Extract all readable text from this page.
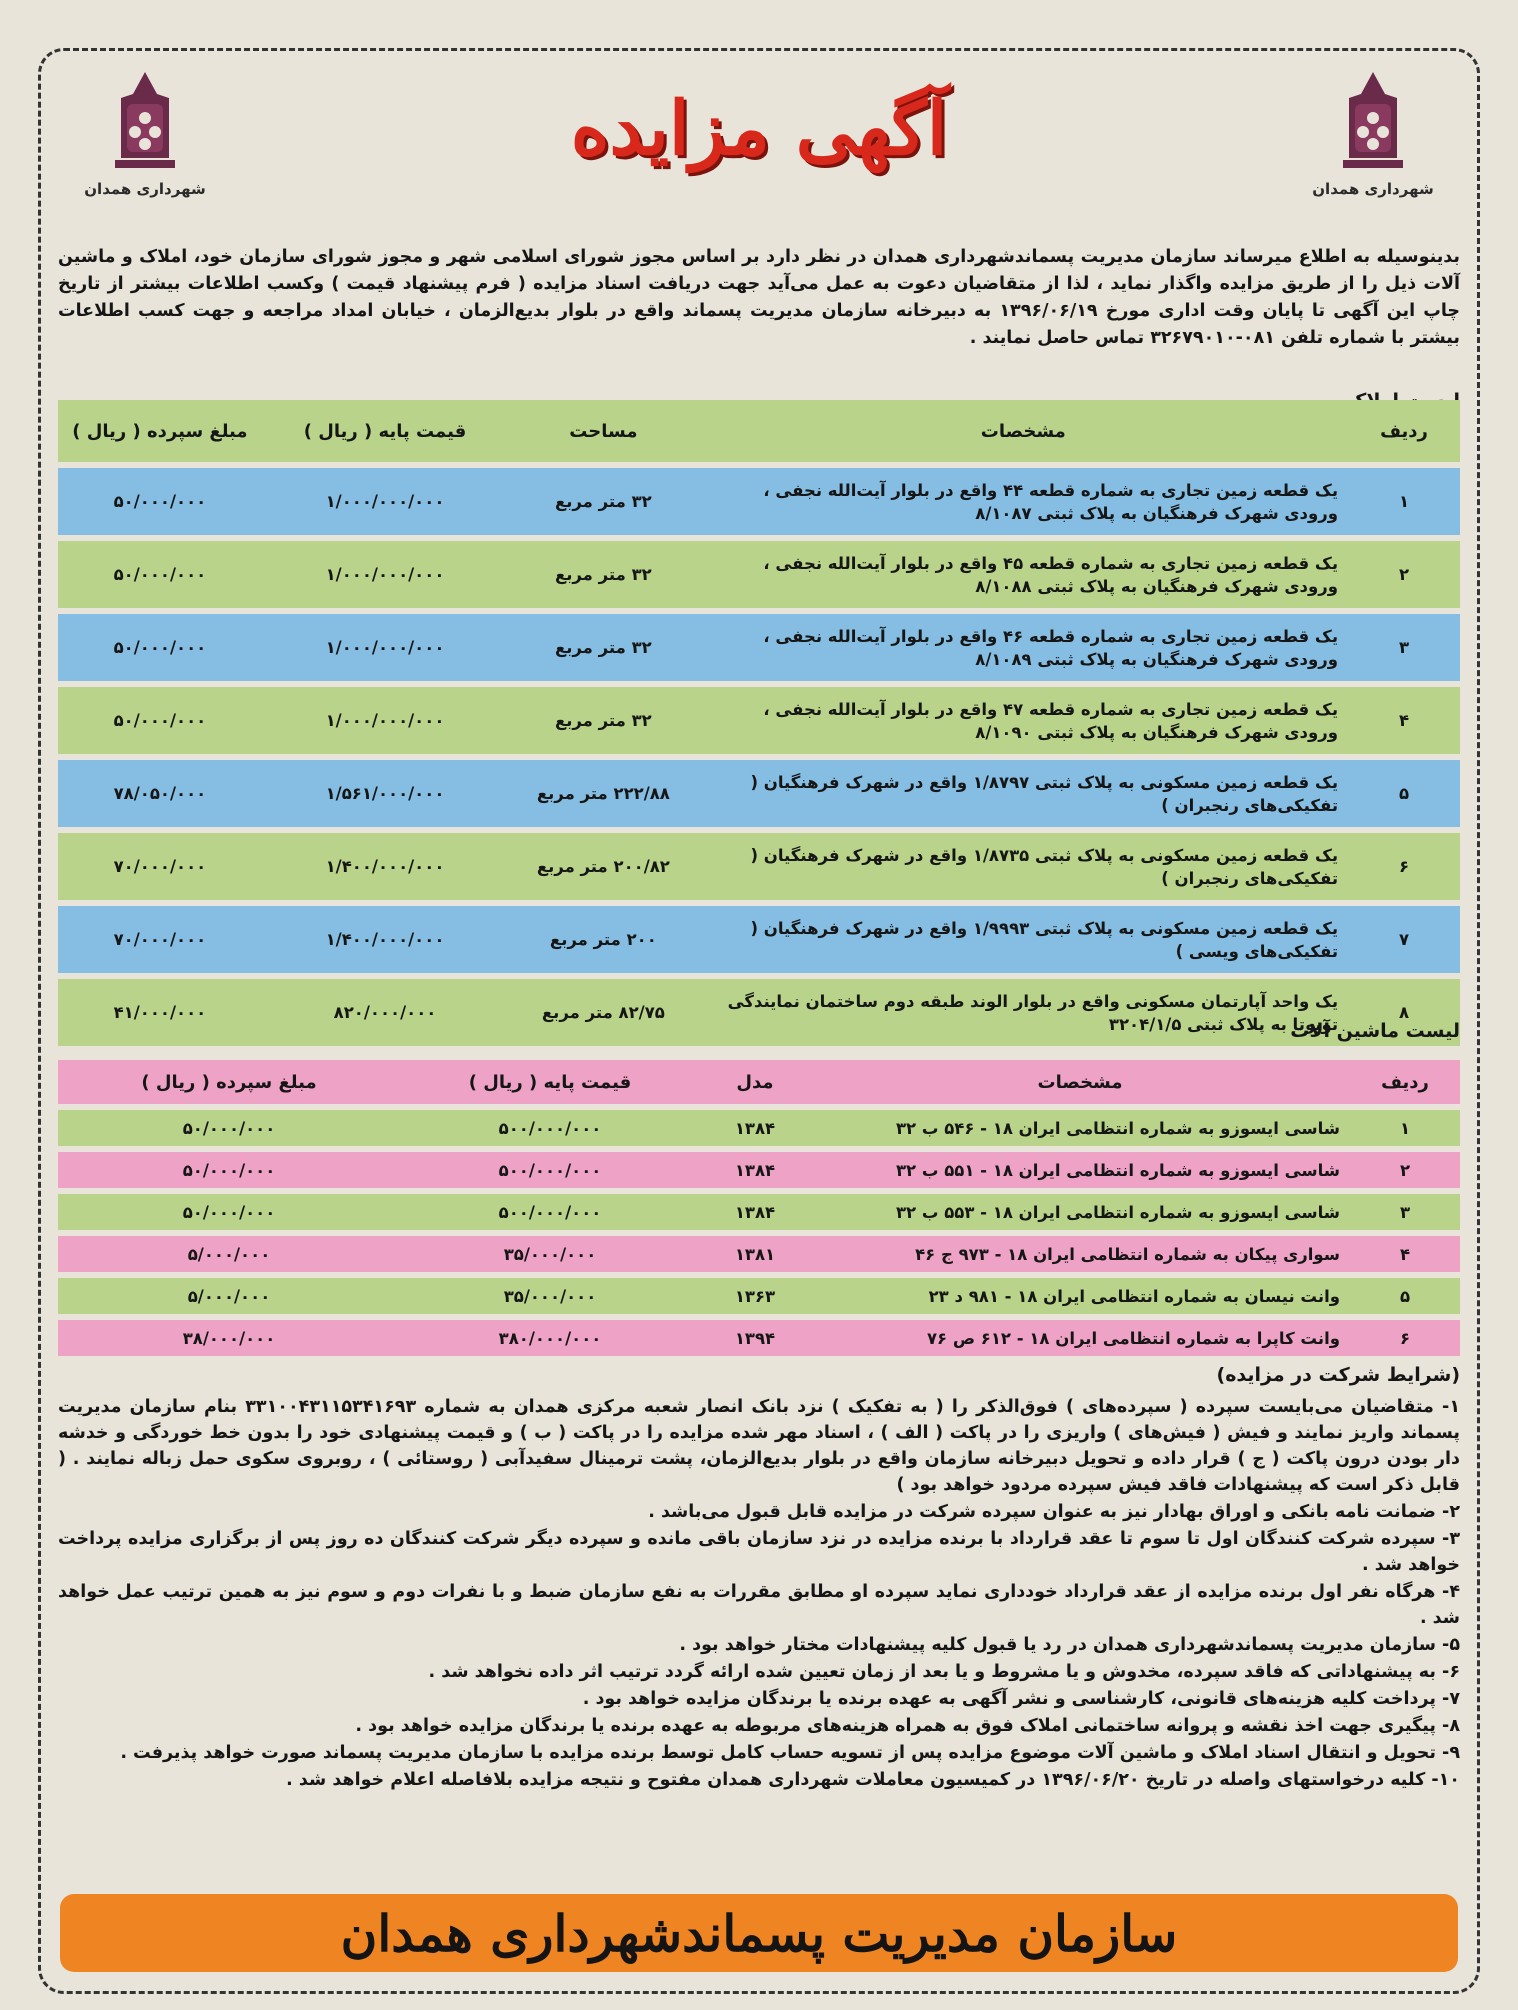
شهرداری همدان
آگهی مزایده
شهرداری همدان
بدینوسیله به اطلاع میرساند سازمان مدیریت پسماندشهرداری همدان در نظر دارد بر اساس مجوز شورای اسلامی شهر و مجوز شورای سازمان خود، املاک و ماشین آلات ذیل را از طریق مزایده واگذار نماید ، لذا از متقاضیان دعوت به عمل می‌آید جهت دریافت اسناد مزایده ( فرم پیشنهاد قیمت ) وکسب اطلاعات بیشتر از تاریخ چاپ این آگهی تا پایان وقت اداری مورخ ۱۳۹۶/۰۶/۱۹ به دبیرخانه سازمان مدیریت پسماند واقع در بلوار بدیع‌الزمان ، خیابان امداد مراجعه و جهت کسب اطلاعات بیشتر با شماره تلفن ۰۸۱-۳۲۶۷۹۰۱۰ تماس حاصل نمایند .
لیست املاک
ردیف	مشخصات	مساحت	قیمت پایه ( ریال )	مبلغ سپرده ( ریال )
۱	یک قطعه زمین تجاری به شماره قطعه ۴۴ واقع در بلوار آیت‌الله نجفی ، ورودی شهرک فرهنگیان به پلاک ثبتی ۸/۱۰۸۷	۳۲ متر مربع	۱/۰۰۰/۰۰۰/۰۰۰	۵۰/۰۰۰/۰۰۰
۲	یک قطعه زمین تجاری به شماره قطعه ۴۵ واقع در بلوار آیت‌الله نجفی ، ورودی شهرک فرهنگیان به پلاک ثبتی ۸/۱۰۸۸	۳۲ متر مربع	۱/۰۰۰/۰۰۰/۰۰۰	۵۰/۰۰۰/۰۰۰
۳	یک قطعه زمین تجاری به شماره قطعه ۴۶ واقع در بلوار آیت‌الله نجفی ، ورودی شهرک فرهنگیان به پلاک ثبتی ۸/۱۰۸۹	۳۲ متر مربع	۱/۰۰۰/۰۰۰/۰۰۰	۵۰/۰۰۰/۰۰۰
۴	یک قطعه زمین تجاری به شماره قطعه ۴۷ واقع در بلوار آیت‌الله نجفی ، ورودی شهرک فرهنگیان به پلاک ثبتی ۸/۱۰۹۰	۳۲ متر مربع	۱/۰۰۰/۰۰۰/۰۰۰	۵۰/۰۰۰/۰۰۰
۵	یک قطعه زمین مسکونی به پلاک ثبتی ۱/۸۷۹۷ واقع در شهرک فرهنگیان ( تفکیکی‌های رنجبران )	۲۲۲/۸۸ متر مربع	۱/۵۶۱/۰۰۰/۰۰۰	۷۸/۰۵۰/۰۰۰
۶	یک قطعه زمین مسکونی به پلاک ثبتی ۱/۸۷۳۵ واقع در شهرک فرهنگیان ( تفکیکی‌های رنجبران )	۲۰۰/۸۲ متر مربع	۱/۴۰۰/۰۰۰/۰۰۰	۷۰/۰۰۰/۰۰۰
۷	یک قطعه زمین مسکونی به پلاک ثبتی ۱/۹۹۹۳ واقع در شهرک فرهنگیان ( تفکیکی‌های ویسی )	۲۰۰ متر مربع	۱/۴۰۰/۰۰۰/۰۰۰	۷۰/۰۰۰/۰۰۰
۸	یک واحد آپارتمان مسکونی واقع در بلوار الوند طبقه دوم ساختمان نمایندگی تویوتا به پلاک ثبتی ۳۲۰۴/۱/۵	۸۲/۷۵ متر مربع	۸۲۰/۰۰۰/۰۰۰	۴۱/۰۰۰/۰۰۰
لیست ماشین آلات
ردیف	مشخصات	مدل	قیمت پایه ( ریال )	مبلغ سپرده ( ریال )
۱	شاسی ایسوزو به شماره انتظامی ایران ۱۸ - ۵۴۶ ب ۳۲	۱۳۸۴	۵۰۰/۰۰۰/۰۰۰	۵۰/۰۰۰/۰۰۰
۲	شاسی ایسوزو به شماره انتظامی ایران ۱۸ - ۵۵۱ ب ۳۲	۱۳۸۴	۵۰۰/۰۰۰/۰۰۰	۵۰/۰۰۰/۰۰۰
۳	شاسی ایسوزو به شماره انتظامی ایران ۱۸ - ۵۵۳ ب ۳۲	۱۳۸۴	۵۰۰/۰۰۰/۰۰۰	۵۰/۰۰۰/۰۰۰
۴	سواری پیکان به شماره انتظامی ایران ۱۸ - ۹۷۳ ج ۴۶	۱۳۸۱	۳۵/۰۰۰/۰۰۰	۵/۰۰۰/۰۰۰
۵	وانت نیسان به شماره انتظامی ایران ۱۸ - ۹۸۱ د ۲۳	۱۳۶۳	۳۵/۰۰۰/۰۰۰	۵/۰۰۰/۰۰۰
۶	وانت کاپرا به شماره انتظامی ایران ۱۸ - ۶۱۲ ص ۷۶	۱۳۹۴	۳۸۰/۰۰۰/۰۰۰	۳۸/۰۰۰/۰۰۰
(شرایط شرکت در مزایده)

۱- متقاضیان می‌بایست سپرده ( سپرده‌های ) فوق‌الذکر را ( به تفکیک ) نزد بانک انصار شعبه مرکزی همدان به شماره ۳۳۱۰۰۴۳۱۱۵۳۴۱۶۹۳ بنام سازمان مدیریت پسماند واریز نمایند و فیش ( فیش‌های ) واریزی را در پاکت ( الف ) ، اسناد مهر شده مزایده را در پاکت ( ب ) و قیمت پیشنهادی خود را بدون خط خوردگی و خدشه دار بودن درون پاکت ( ج ) قرار داده و تحویل دبیرخانه سازمان واقع در بلوار بدیع‌الزمان، پشت ترمینال سفیدآبی ( روستائی ) ، روبروی سکوی حمل زباله نمایند . ( قابل ذکر است که پیشنهادات فاقد فیش سپرده مردود خواهد بود )

۲- ضمانت نامه بانکی و اوراق بهادار نیز به عنوان سپرده شرکت در مزایده قابل قبول می‌باشد .

۳- سپرده شرکت کنندگان اول تا سوم تا عقد قرارداد با برنده مزایده در نزد سازمان باقی مانده و سپرده دیگر شرکت کنندگان ده روز پس از برگزاری مزایده پرداخت خواهد شد .

۴- هرگاه نفر اول برنده مزایده از عقد قرارداد خودداری نماید سپرده او مطابق مقررات به نفع سازمان ضبط و با نفرات دوم و سوم نیز به همین ترتیب عمل خواهد شد .

۵- سازمان مدیریت پسماندشهرداری همدان در رد یا قبول کلیه پیشنهادات مختار خواهد بود .

۶- به پیشنهاداتی که فاقد سپرده، مخدوش و یا مشروط و یا بعد از زمان تعیین شده ارائه گردد ترتیب اثر داده نخواهد شد .

۷- پرداخت کلیه هزینه‌های قانونی، کارشناسی و نشر آگهی به عهده برنده یا برندگان مزایده خواهد بود .

۸- پیگیری جهت اخذ نقشه و پروانه ساختمانی املاک فوق به همراه هزینه‌های مربوطه به عهده برنده یا برندگان مزایده خواهد بود .

۹- تحویل و انتقال اسناد املاک و ماشین آلات موضوع مزایده پس از تسویه حساب کامل توسط برنده مزایده با سازمان مدیریت پسماند صورت خواهد پذیرفت .

۱۰- کلیه درخواستهای واصله در تاریخ ۱۳۹۶/۰۶/۲۰ در کمیسیون معاملات شهرداری همدان مفتوح و نتیجه مزایده بلافاصله اعلام خواهد شد .

سازمان مدیریت پسماندشهرداری همدان
